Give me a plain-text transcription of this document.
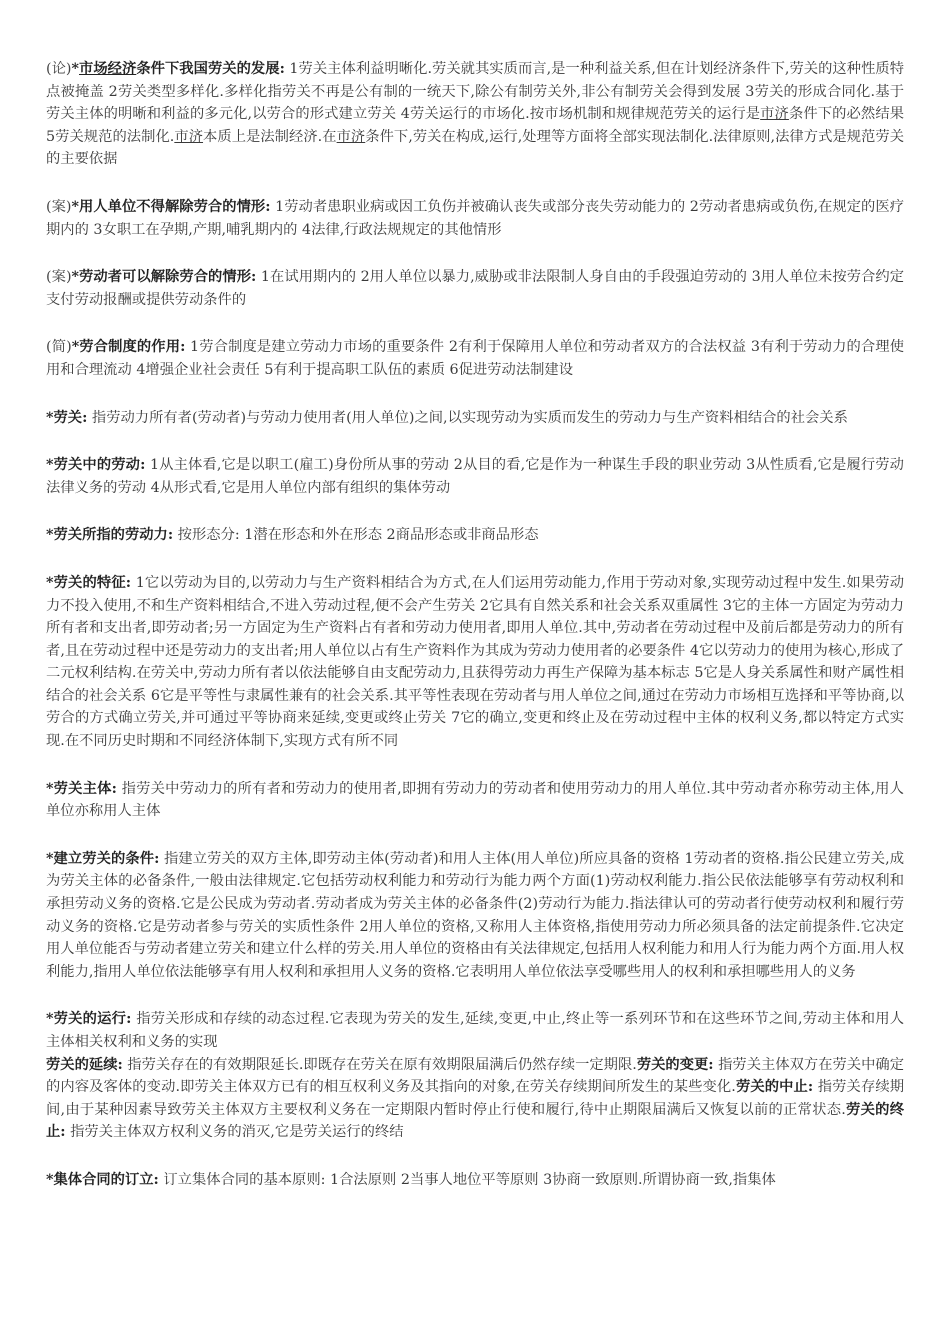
(论)*市场经济条件下我国劳关的发展: 1劳关主体利益明晰化.劳关就其实质而言,是一种利益关系,但在计划经济条件下,劳关的这种性质特点被掩盖 2劳关类型多样化.多样化指劳关不再是公有制的一统天下,除公有制劳关外,非公有制劳关会得到发展 3劳关的形成合同化.基于劳关主体的明晰和利益的多元化,以劳合的形式建立劳关 4劳关运行的市场化.按市场机制和规律规范劳关的运行是市济条件下的必然结果 5劳关规范的法制化.市济本质上是法制经济.在市济条件下,劳关在构成,运行,处理等方面将全部实现法制化.法律原则,法律方式是规范劳关的主要依据

(案)*用人单位不得解除劳合的情形: 1劳动者患职业病或因工负伤并被确认丧失或部分丧失劳动能力的 2劳动者患病或负伤,在规定的医疗期内的 3女职工在孕期,产期,哺乳期内的 4法律,行政法规规定的其他情形

(案)*劳动者可以解除劳合的情形: 1在试用期内的 2用人单位以暴力,威胁或非法限制人身自由的手段强迫劳动的 3用人单位未按劳合约定支付劳动报酬或提供劳动条件的

(简)*劳合制度的作用: 1劳合制度是建立劳动力市场的重要条件 2有利于保障用人单位和劳动者双方的合法权益 3有利于劳动力的合理使用和合理流动 4增强企业社会责任 5有利于提高职工队伍的素质 6促进劳动法制建设

*劳关: 指劳动力所有者(劳动者)与劳动力使用者(用人单位)之间,以实现劳动为实质而发生的劳动力与生产资料相结合的社会关系

*劳关中的劳动: 1从主体看,它是以职工(雇工)身份所从事的劳动 2从目的看,它是作为一种谋生手段的职业劳动 3从性质看,它是履行劳动法律义务的劳动 4从形式看,它是用人单位内部有组织的集体劳动

*劳关所指的劳动力: 按形态分: 1潜在形态和外在形态 2商品形态或非商品形态

*劳关的特征: 1它以劳动为目的,以劳动力与生产资料相结合为方式,在人们运用劳动能力,作用于劳动对象,实现劳动过程中发生.如果劳动力不投入使用,不和生产资料相结合,不进入劳动过程,便不会产生劳关 2它具有自然关系和社会关系双重属性 3它的主体一方固定为劳动力所有者和支出者,即劳动者;另一方固定为生产资料占有者和劳动力使用者,即用人单位.其中,劳动者在劳动过程中及前后都是劳动力的所有者,且在劳动过程中还是劳动力的支出者;用人单位以占有生产资料作为其成为劳动力使用者的必要条件 4它以劳动力的使用为核心,形成了二元权利结构.在劳关中,劳动力所有者以依法能够自由支配劳动力,且获得劳动力再生产保障为基本标志 5它是人身关系属性和财产属性相结合的社会关系 6它是平等性与隶属性兼有的社会关系.其平等性表现在劳动者与用人单位之间,通过在劳动力市场相互选择和平等协商,以劳合的方式确立劳关,并可通过平等协商来延续,变更或终止劳关 7它的确立,变更和终止及在劳动过程中主体的权利义务,都以特定方式实现.在不同历史时期和不同经济体制下,实现方式有所不同

*劳关主体: 指劳关中劳动力的所有者和劳动力的使用者,即拥有劳动力的劳动者和使用劳动力的用人单位.其中劳动者亦称劳动主体,用人单位亦称用人主体

*建立劳关的条件: 指建立劳关的双方主体,即劳动主体(劳动者)和用人主体(用人单位)所应具备的资格 1劳动者的资格.指公民建立劳关,成为劳关主体的必备条件,一般由法律规定.它包括劳动权利能力和劳动行为能力两个方面(1)劳动权利能力.指公民依法能够享有劳动权利和承担劳动义务的资格.它是公民成为劳动者.劳动者成为劳关主体的必备条件(2)劳动行为能力.指法律认可的劳动者行使劳动权利和履行劳动义务的资格.它是劳动者参与劳关的实质性条件 2用人单位的资格,又称用人主体资格,指使用劳动力所必须具备的法定前提条件.它决定用人单位能否与劳动者建立劳关和建立什么样的劳关.用人单位的资格由有关法律规定,包括用人权利能力和用人行为能力两个方面.用人权利能力,指用人单位依法能够享有用人权利和承担用人义务的资格.它表明用人单位依法享受哪些用人的权利和承担哪些用人的义务

*劳关的运行: 指劳关形成和存续的动态过程.它表现为劳关的发生,延续,变更,中止,终止等一系列环节和在这些环节之间,劳动主体和用人主体相关权利和义务的实现

劳关的延续: 指劳关存在的有效期限延长.即既存在劳关在原有效期限届满后仍然存续一定期限.劳关的变更: 指劳关主体双方在劳关中确定的内容及客体的变动.即劳关主体双方已有的相互权利义务及其指向的对象,在劳关存续期间所发生的某些变化.劳关的中止: 指劳关存续期间,由于某种因素导致劳关主体双方主要权利义务在一定期限内暂时停止行使和履行,待中止期限届满后又恢复以前的正常状态.劳关的终止: 指劳关主体双方权利义务的消灭,它是劳关运行的终结

*集体合同的订立: 订立集体合同的基本原则: 1合法原则 2当事人地位平等原则 3协商一致原则.所谓协商一致,指集体
